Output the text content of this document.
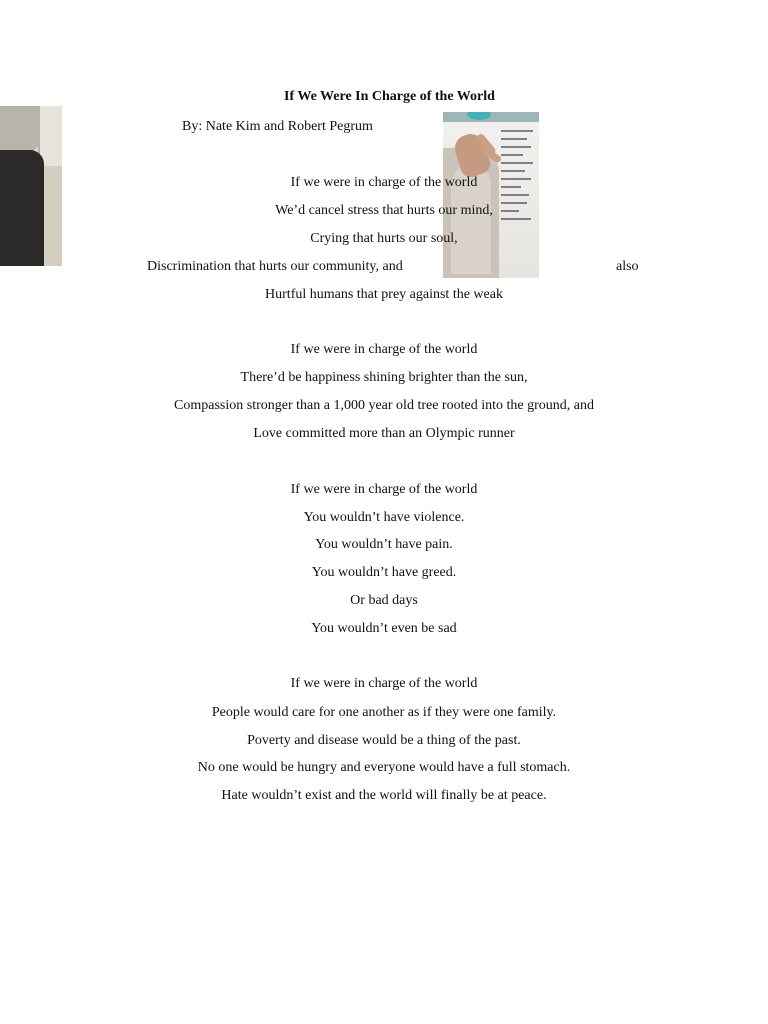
If We Were In Charge of the World
By: Nate Kim and Robert Pegrum
If we were in charge of the world
We’d cancel stress that hurts our mind,
Crying that hurts our soul,
Discrimination that hurts our community, and	also
Hurtful humans that prey against the weak
If we were in charge of the world
There’d be happiness shining brighter than the sun,
Compassion stronger than a 1,000 year old tree rooted into the ground, and
Love committed more than an Olympic runner
If we were in charge of the world
You wouldn’t have violence.
You wouldn’t have pain.
You wouldn’t have greed.
Or bad days
You wouldn’t even be sad
If we were in charge of the world
People would care for one another as if they were one family.
Poverty and disease would be a thing of the past.
No one would be hungry and everyone would have a full stomach.
Hate wouldn’t exist and the world will finally be at peace.
